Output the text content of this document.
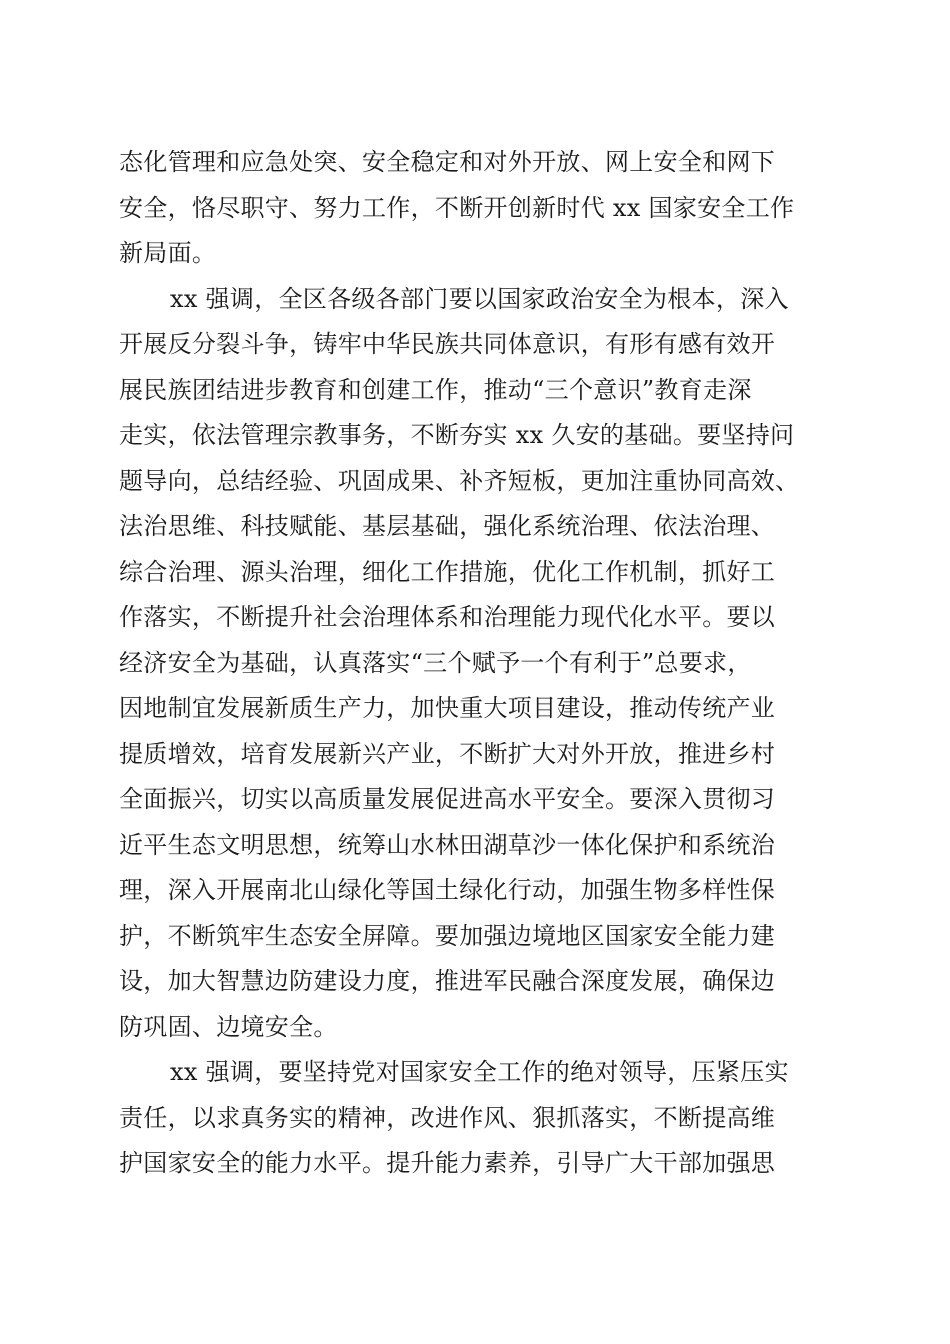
态化管理和应急处突、安全稳定和对外开放、网上安全和网下
安全，恪尽职守、努力工作，不断开创新时代 xx 国家安全工作
新局面。
xx 强调，全区各级各部门要以国家政治安全为根本，深入
开展反分裂斗争，铸牢中华民族共同体意识，有形有感有效开
展民族团结进步教育和创建工作，推动“三个意识”教育走深
走实，依法管理宗教事务，不断夯实 xx 久安的基础。要坚持问
题导向，总结经验、巩固成果、补齐短板，更加注重协同高效、
法治思维、科技赋能、基层基础，强化系统治理、依法治理、
综合治理、源头治理，细化工作措施，优化工作机制，抓好工
作落实，不断提升社会治理体系和治理能力现代化水平。要以
经济安全为基础，认真落实“三个赋予一个有利于”总要求，
因地制宜发展新质生产力，加快重大项目建设，推动传统产业
提质增效，培育发展新兴产业，不断扩大对外开放，推进乡村
全面振兴，切实以高质量发展促进高水平安全。要深入贯彻习
近平生态文明思想，统筹山水林田湖草沙一体化保护和系统治
理，深入开展南北山绿化等国土绿化行动，加强生物多样性保
护，不断筑牢生态安全屏障。要加强边境地区国家安全能力建
设，加大智慧边防建设力度，推进军民融合深度发展，确保边
防巩固、边境安全。
xx 强调，要坚持党对国家安全工作的绝对领导，压紧压实
责任，以求真务实的精神，改进作风、狠抓落实，不断提高维
护国家安全的能力水平。提升能力素养，引导广大干部加强思
